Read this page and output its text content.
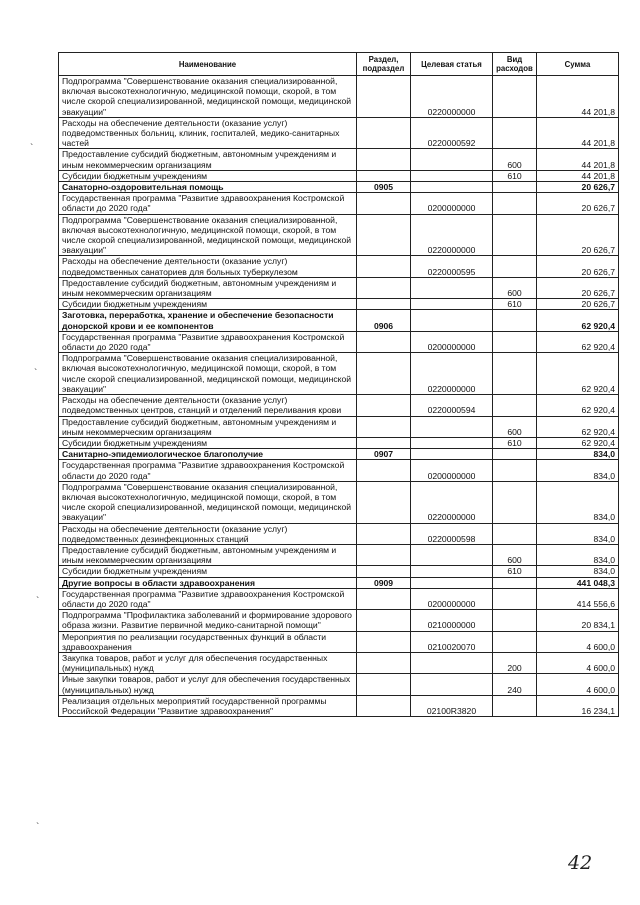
`
`
`
`
Наименование	Раздел, подраздел	Целевая статья	Вид расходов	Сумма
Подпрограмма "Совершенствование оказания специализированной, включая высокотехнологичную, медицинской помощи, скорой, в том числе скорой специализированной, медицинской помощи, медицинской эвакуации"		0220000000		44 201,8
Расходы на обеспечение деятельности (оказание услуг) подведомственных больниц, клиник, госпиталей, медико-санитарных частей		0220000592		44 201,8
Предоставление субсидий бюджетным, автономным учреждениям и иным некоммерческим организациям			600	44 201,8
Субсидии бюджетным учреждениям			610	44 201,8
Санаторно-оздоровительная помощь	0905			20 626,7
Государственная программа "Развитие здравоохранения Костромской области до 2020 года"		0200000000		20 626,7
Подпрограмма "Совершенствование оказания специализированной, включая высокотехнологичную, медицинской помощи, скорой, в том числе скорой специализированной, медицинской помощи, медицинской эвакуации"		0220000000		20 626,7
Расходы на обеспечение деятельности (оказание услуг) подведомственных санаториев для больных туберкулезом		0220000595		20 626,7
Предоставление субсидий бюджетным, автономным учреждениям и иным некоммерческим организациям			600	20 626,7
Субсидии бюджетным учреждениям			610	20 626,7
Заготовка, переработка, хранение и обеспечение безопасности донорской крови и ее компонентов	0906			62 920,4
Государственная программа "Развитие здравоохранения Костромской области до 2020 года"		0200000000		62 920,4
Подпрограмма "Совершенствование оказания специализированной, включая высокотехнологичную, медицинской помощи, скорой, в том числе скорой специализированной, медицинской помощи, медицинской эвакуации"		0220000000		62 920,4
Расходы на обеспечение деятельности (оказание услуг) подведомственных центров, станций и отделений переливания крови		0220000594		62 920,4
Предоставление субсидий бюджетным, автономным учреждениям и иным некоммерческим организациям			600	62 920,4
Субсидии бюджетным учреждениям			610	62 920,4
Санитарно-эпидемиологическое благополучие	0907			834,0
Государственная программа "Развитие здравоохранения Костромской области до 2020 года"		0200000000		834,0
Подпрограмма "Совершенствование оказания специализированной, включая высокотехнологичную, медицинской помощи, скорой, в том числе скорой специализированной, медицинской помощи, медицинской эвакуации"		0220000000		834,0
Расходы на обеспечение деятельности (оказание услуг) подведомственных дезинфекционных станций		0220000598		834,0
Предоставление субсидий бюджетным, автономным учреждениям и иным некоммерческим организациям			600	834,0
Субсидии бюджетным учреждениям			610	834,0
Другие вопросы в области здравоохранения	0909			441 048,3
Государственная программа "Развитие здравоохранения Костромской области до 2020 года"		0200000000		414 556,6
Подпрограмма "Профилактика заболеваний и формирование здорового образа жизни. Развитие первичной медико-санитарной помощи"		0210000000		20 834,1
Мероприятия по реализации государственных функций в области здравоохранения		0210020070		4 600,0
Закупка товаров, работ и услуг для обеспечения государственных (муниципальных) нужд			200	4 600,0
Иные закупки товаров, работ и услуг для обеспечения государственных (муниципальных) нужд			240	4 600,0
Реализация отдельных мероприятий государственной программы Российской Федерации "Развитие здравоохранения"		02100R3820		16 234,1
42
